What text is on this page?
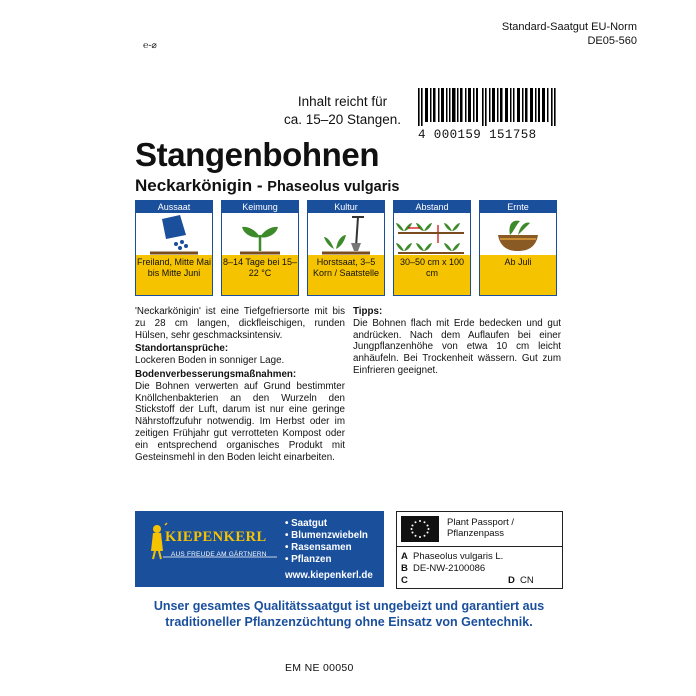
Standard-Saatgut EU-Norm
DE05-560
℮-⌀
Inhalt reicht für
ca. 15–20 Stangen.
4 000159 151758
Stangenbohnen
Neckarkönigin - Phaseolus vulgaris
Aussaat
Freiland, Mitte Mai bis Mitte Juni
Keimung
8–14 Tage bei 15–22 °C
Kultur
Horstsaat, 3–5 Korn / Saatstelle
Abstand
30–50 cm x 100 cm
Ernte
Ab Juli

'Neckarkönigin' ist eine Tiefgefriersorte mit bis zu 28 cm langen, dickfleischigen, runden Hülsen, sehr geschmacksintensiv.

Standortansprüche:

Lockeren Boden in sonniger Lage.

Bodenverbesserungsmaßnahmen:

Die Bohnen verwerten auf Grund bestimmter Knöllchenbakterien an den Wurzeln den Stickstoff der Luft, darum ist nur eine geringe Nährstoffzufuhr notwendig. Im Herbst oder im zeitigen Frühjahr gut verrotteten Kompost oder ein entsprechend organisches Produkt mit Gesteinsmehl in den Boden leicht einarbeiten.

Tipps:

Die Bohnen flach mit Erde bedecken und gut andrücken. Nach dem Auflaufen bei einer Jungpflanzenhöhe von etwa 10 cm leicht anhäufeln. Bei Trockenheit wässern. Gut zum Einfrieren geeignet.

KIEPENKERL
AUS FREUDE AM GÄRTNERN
• Saatgut
• Blumenzwiebeln
• Rasensamen
• Pflanzen
www.kiepenkerl.de
Plant Passport /
Pflanzenpass
A Phaseolus vulgaris L.
B DE-NW-2100086
C	D CN
Unser gesamtes Qualitätssaatgut ist ungebeizt und garantiert aus
traditioneller Pflanzenzüchtung ohne Einsatz von Gentechnik.
EM NE 00050
